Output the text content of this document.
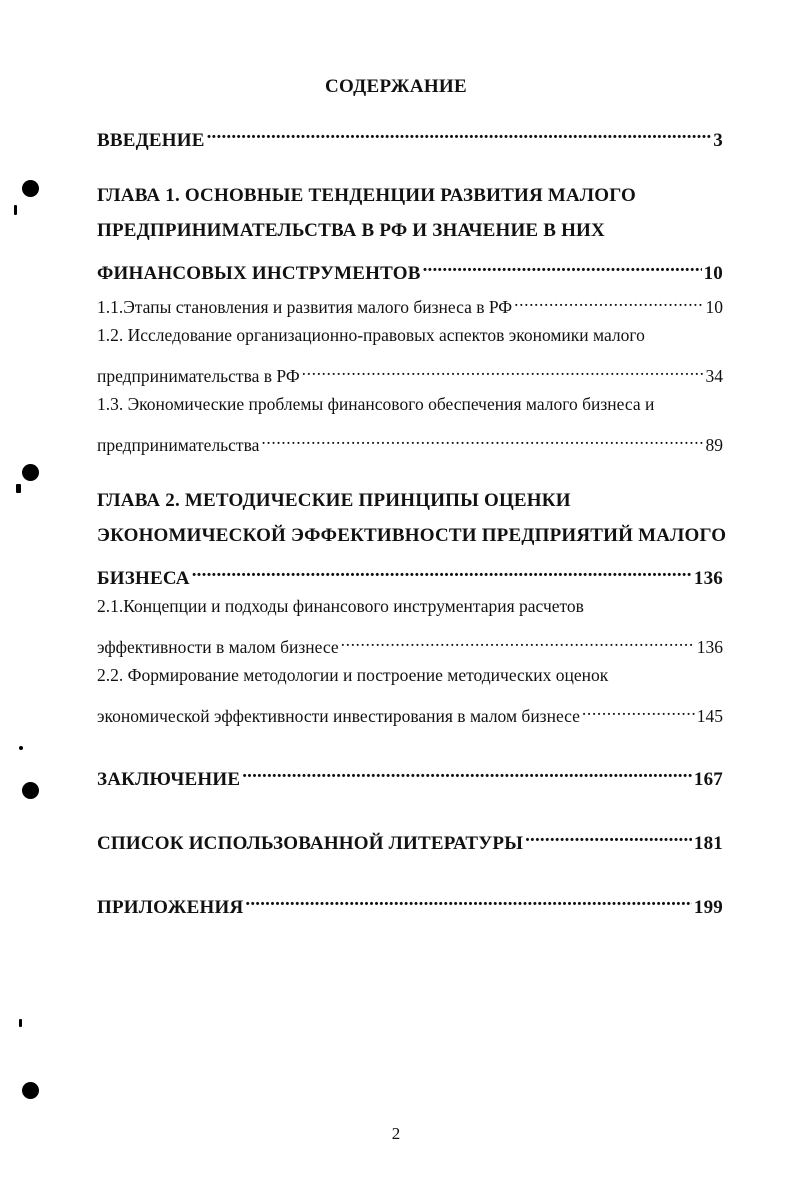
СОДЕРЖАНИЕ
ВВЕДЕНИЕ .....	3
ГЛАВА 1. ОСНОВНЫЕ ТЕНДЕНЦИИ РАЗВИТИЯ МАЛОГО
ПРЕДПРИНИМАТЕЛЬСТВА В РФ И ЗНАЧЕНИЕ В НИХ
ФИНАНСОВЫХ ИНСТРУМЕНТОВ .....	10
1.1.Этапы становления и развития малого бизнеса в РФ .....	10
1.2. Исследование организационно-правовых аспектов экономики малого
предпринимательства в РФ .....	34
1.3. Экономические проблемы финансового обеспечения малого бизнеса и
предпринимательства .....	89
ГЛАВА 2. МЕТОДИЧЕСКИЕ ПРИНЦИПЫ ОЦЕНКИ
ЭКОНОМИЧЕСКОЙ ЭФФЕКТИВНОСТИ ПРЕДПРИЯТИЙ МАЛОГО
БИЗНЕСА .....	136
2.1.Концепции и подходы финансового инструментария расчетов
эффективности в малом бизнесе .....	136
2.2. Формирование методологии и построение методических оценок
экономической эффективности инвестирования в малом бизнесе .....	145
ЗАКЛЮЧЕНИЕ .....	167
СПИСОК ИСПОЛЬЗОВАННОЙ ЛИТЕРАТУРЫ .....	181
ПРИЛОЖЕНИЯ .....	199
2
